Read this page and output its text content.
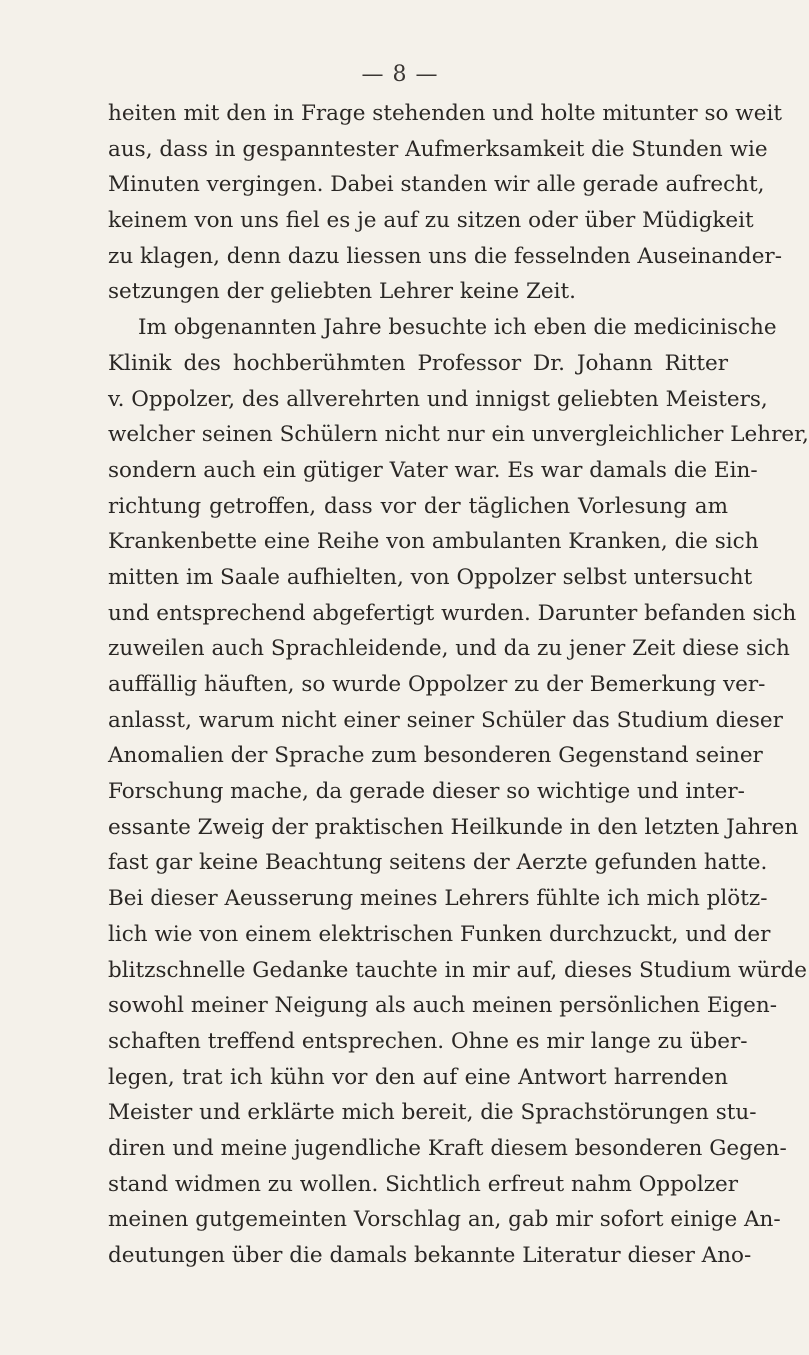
— 8 —
heiten mit den in Frage stehenden und holte mitunter so weit
aus, dass in gespanntester Aufmerksamkeit die Stunden wie
Minuten vergingen. Dabei standen wir alle gerade aufrecht,
keinem von uns fiel es je auf zu sitzen oder über Müdigkeit
zu klagen, denn dazu liessen uns die fesselnden Auseinander-
setzungen der geliebten Lehrer keine Zeit.
Im obgenannten Jahre besuchte ich eben die medicinische
Klinik des hochberühmten Professor Dr. Johann Ritter
v. Oppolzer, des allverehrten und innigst geliebten Meisters,
welcher seinen Schülern nicht nur ein unvergleichlicher Lehrer,
sondern auch ein gütiger Vater war. Es war damals die Ein-
richtung getroffen, dass vor der täglichen Vorlesung am
Krankenbette eine Reihe von ambulanten Kranken, die sich
mitten im Saale aufhielten, von Oppolzer selbst untersucht
und entsprechend abgefertigt wurden. Darunter befanden sich
zuweilen auch Sprachleidende, und da zu jener Zeit diese sich
auffällig häuften, so wurde Oppolzer zu der Bemerkung ver-
anlasst, warum nicht einer seiner Schüler das Studium dieser
Anomalien der Sprache zum besonderen Gegenstand seiner
Forschung mache, da gerade dieser so wichtige und inter-
essante Zweig der praktischen Heilkunde in den letzten Jahren
fast gar keine Beachtung seitens der Aerzte gefunden hatte.
Bei dieser Aeusserung meines Lehrers fühlte ich mich plötz-
lich wie von einem elektrischen Funken durchzuckt, und der
blitzschnelle Gedanke tauchte in mir auf, dieses Studium würde
sowohl meiner Neigung als auch meinen persönlichen Eigen-
schaften treffend entsprechen. Ohne es mir lange zu über-
legen, trat ich kühn vor den auf eine Antwort harrenden
Meister und erklärte mich bereit, die Sprachstörungen stu-
diren und meine jugendliche Kraft diesem besonderen Gegen-
stand widmen zu wollen. Sichtlich erfreut nahm Oppolzer
meinen gutgemeinten Vorschlag an, gab mir sofort einige An-
deutungen über die damals bekannte Literatur dieser Ano-
